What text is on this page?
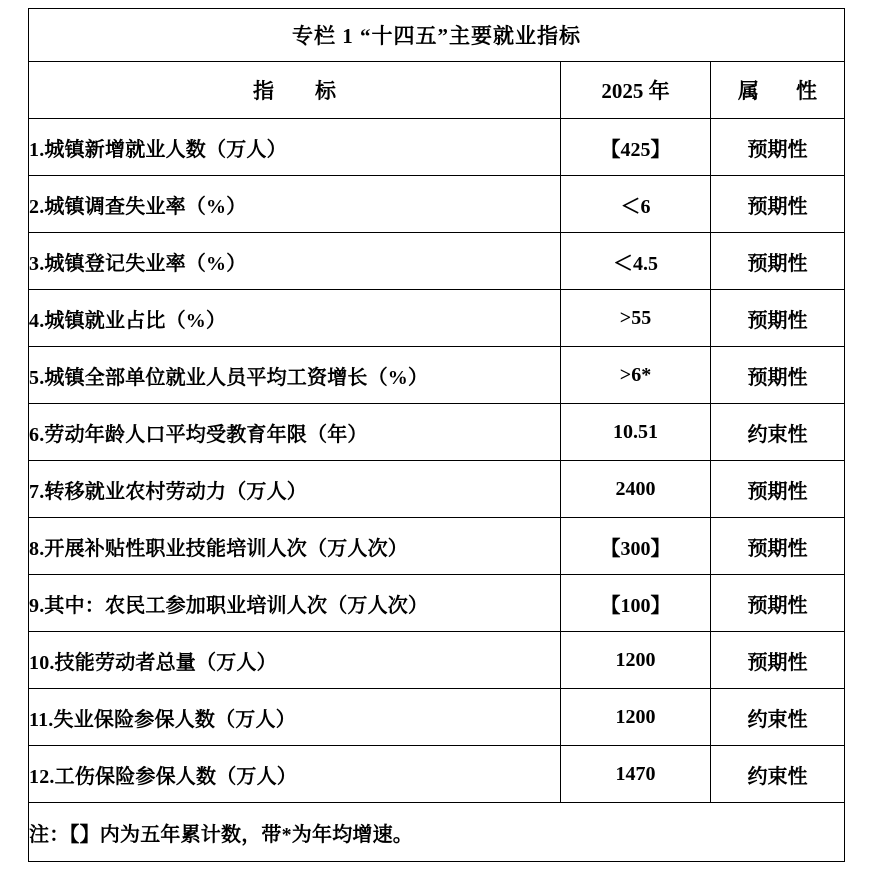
专栏 1 “十四五”主要就业指标		
指　标	2025 年	属　性
1.城镇新增就业人数（万人）	【425】	预期性
2.城镇调查失业率（%）	＜6	预期性
3.城镇登记失业率（%）	＜4.5	预期性
4.城镇就业占比（%）	>55	预期性
5.城镇全部单位就业人员平均工资增长（%）	>6*	预期性
6.劳动年龄人口平均受教育年限（年）	10.51	约束性
7.转移就业农村劳动力（万人）	2400	预期性
8.开展补贴性职业技能培训人次（万人次）	【300】	预期性
9.其中：农民工参加职业培训人次（万人次）	【100】	预期性
10.技能劳动者总量（万人）	1200	预期性
11.失业保险参保人数（万人）	1200	约束性
12.工伤保险参保人数（万人）	1470	约束性
注：【】内为五年累计数，带*为年均增速。		
